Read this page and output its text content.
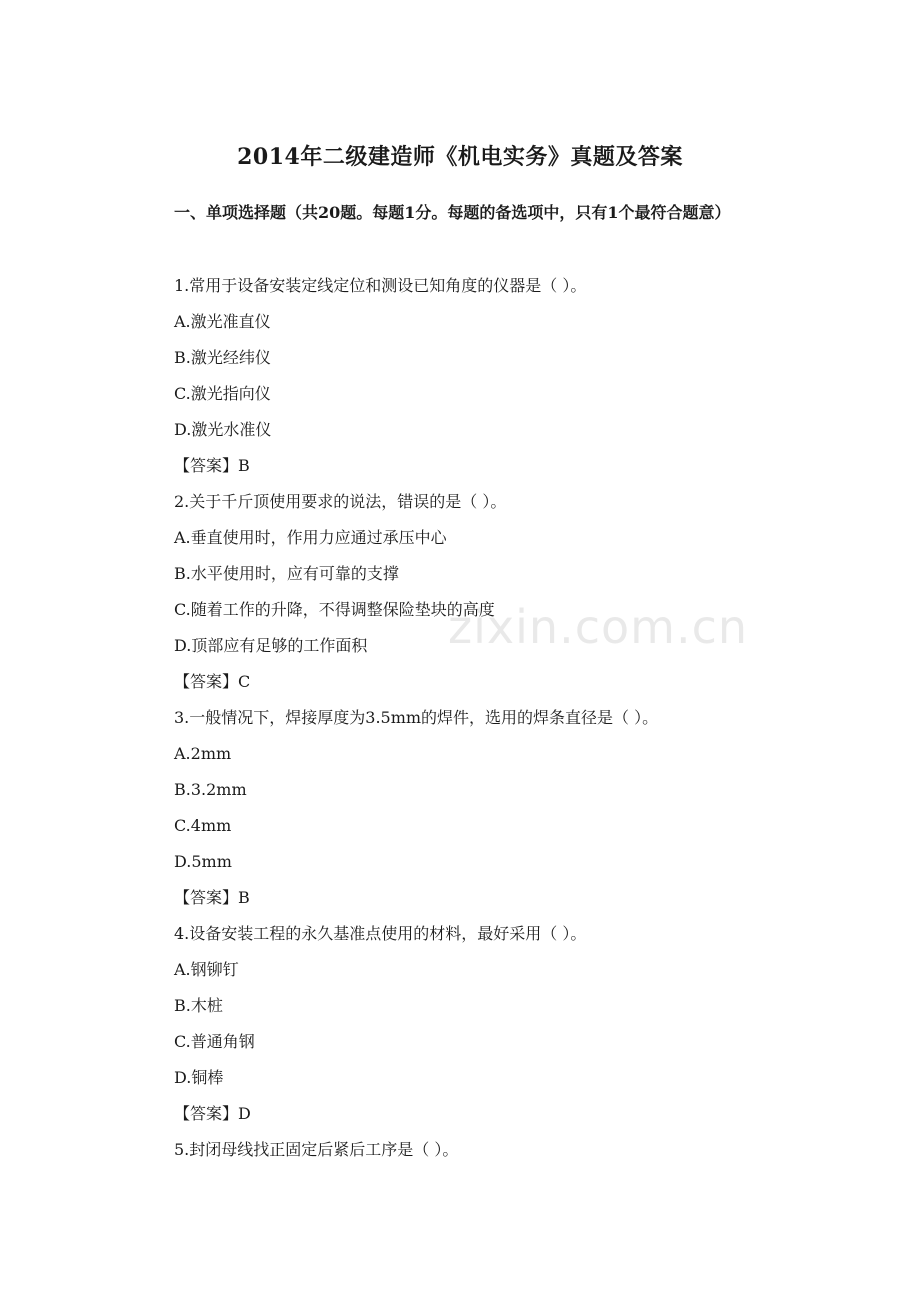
2014年二级建造师《机电实务》真题及答案
一、单项选择题（共20题。每题1分。每题的备选项中，只有1个最符合题意）
1.常用于设备安装定线定位和测设已知角度的仪器是（ ）。
A.激光准直仪
B.激光经纬仪
C.激光指向仪
D.激光水准仪
【答案】B
2.关于千斤顶使用要求的说法，错误的是（ ）。
A.垂直使用时，作用力应通过承压中心
B.水平使用时，应有可靠的支撑
C.随着工作的升降，不得调整保险垫块的高度
D.顶部应有足够的工作面积
【答案】C
3.一般情况下，焊接厚度为3.5mm的焊件，选用的焊条直径是（ ）。
A.2mm
B.3.2mm
C.4mm
D.5mm
【答案】B
4.设备安装工程的永久基准点使用的材料，最好采用（ ）。
A.钢铆钉
B.木桩
C.普通角钢
D.铜棒
【答案】D
5.封闭母线找正固定后紧后工序是（ ）。
zixin.com.cn
